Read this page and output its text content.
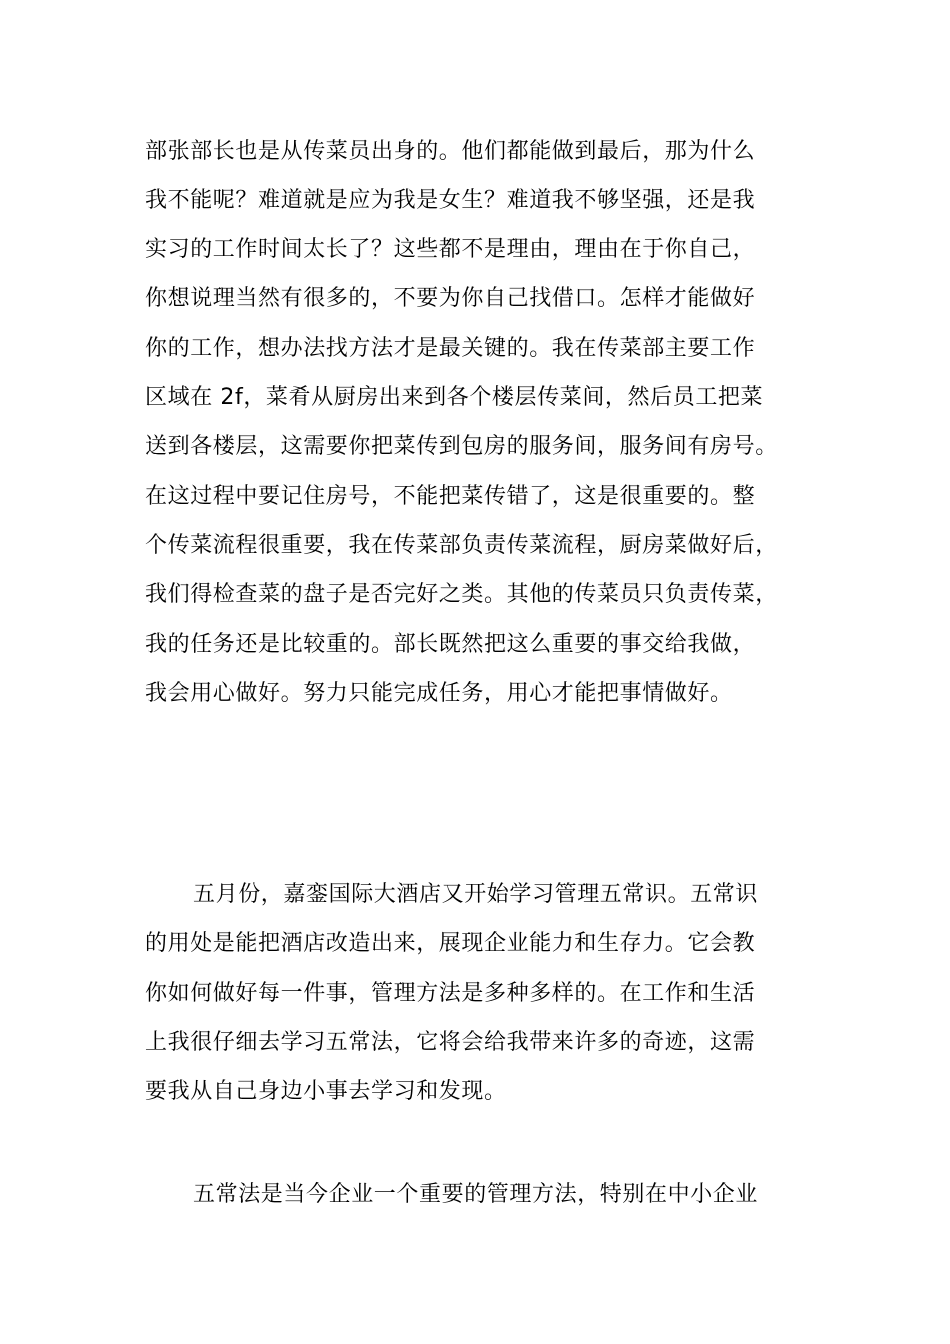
部张部长也是从传菜员出身的。他们都能做到最后，那为什么
我不能呢？难道就是应为我是女生？难道我不够坚强，还是我
实习的工作时间太长了？这些都不是理由，理由在于你自己，
你想说理当然有很多的，不要为你自己找借口。怎样才能做好
你的工作，想办法找方法才是最关键的。我在传菜部主要工作
区域在 2f，菜肴从厨房出来到各个楼层传菜间，然后员工把菜
送到各楼层，这需要你把菜传到包房的服务间，服务间有房号。
在这过程中要记住房号，不能把菜传错了，这是很重要的。整
个传菜流程很重要，我在传菜部负责传菜流程，厨房菜做好后，
我们得检查菜的盘子是否完好之类。其他的传菜员只负责传菜，
我的任务还是比较重的。部长既然把这么重要的事交给我做，
我会用心做好。努力只能完成任务，用心才能把事情做好。
五月份，嘉銮国际大酒店又开始学习管理五常识。五常识
的用处是能把酒店改造出来，展现企业能力和生存力。它会教
你如何做好每一件事，管理方法是多种多样的。在工作和生活
上我很仔细去学习五常法，它将会给我带来许多的奇迹，这需
要我从自己身边小事去学习和发现。
五常法是当今企业一个重要的管理方法，特别在中小企业
